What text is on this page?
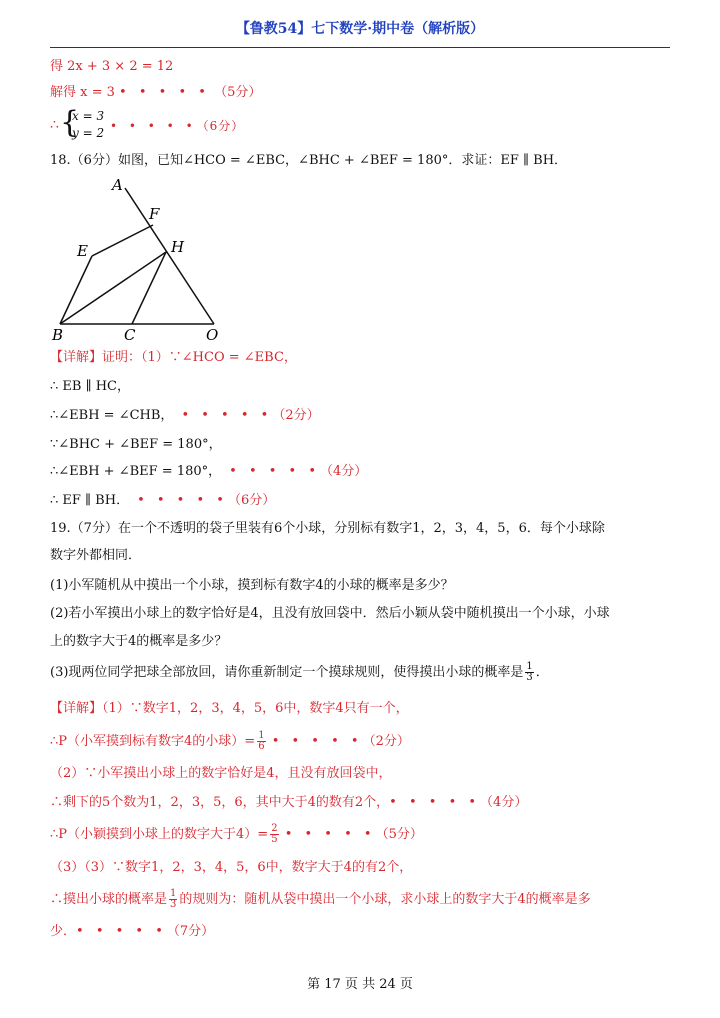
【鲁教54】七下数学·期中卷（解析版）
得 2x + 3 × 2 = 12
解得 x = 3 • • • • • （5分）
∴ {
x = 3
y = 2 • • • • •（6分）
18.（6分）如图，已知∠HCO = ∠EBC，∠BHC + ∠BEF = 180°．求证：EF ∥ BH．
A
F
E	H
B	C	O
【详解】证明：（1）∵∠HCO = ∠EBC，
∴ EB ∥ HC，
∴∠EBH = ∠CHB， • • • • •（2分）
∵∠BHC + ∠BEF = 180°，
∴∠EBH + ∠BEF = 180°， • • • • •（4分）
∴ EF ∥ BH． • • • • •（6分）
19.（7分）在一个不透明的袋子里装有6个小球，分别标有数字1，2，3，4，5，6．每个小球除
数字外都相同．
(1)小军随机从中摸出一个小球，摸到标有数字4的小球的概率是多少？
(2)若小军摸出小球上的数字恰好是4，且没有放回袋中．然后小颖从袋中随机摸出一个小球，小球
上的数字大于4的概率是多少？
(3)现两位同学把球全部放回，请你重新制定一个摸球规则，使得摸出小球的概率是 $\frac{1}{3}$ ．
【详解】（1）∵数字1，2，3，4，5，6中，数字4只有一个，
∴P（小军摸到标有数字4的小球）= $\frac{1}{6}$ • • • • •（2分）
（2）∵小军摸出小球上的数字恰好是4，且没有放回袋中，
∴剩下的5个数为1，2，3，5，6，其中大于4的数有2个，• • • • •（4分）
∴P（小颖摸到小球上的数字大于$4)= \frac{2}{5}$ • • • • •（5分）
（3）（3）∵数字1，2，3，4，5，6中，数字大于4的有2个，
∴摸出小球的概率是 $\frac{1}{3}$ 的规则为：随机从袋中摸出一个小球，求小球上的数字大于4的概率是多
少．• • • • •（7分）
第 17 页 共 24 页
